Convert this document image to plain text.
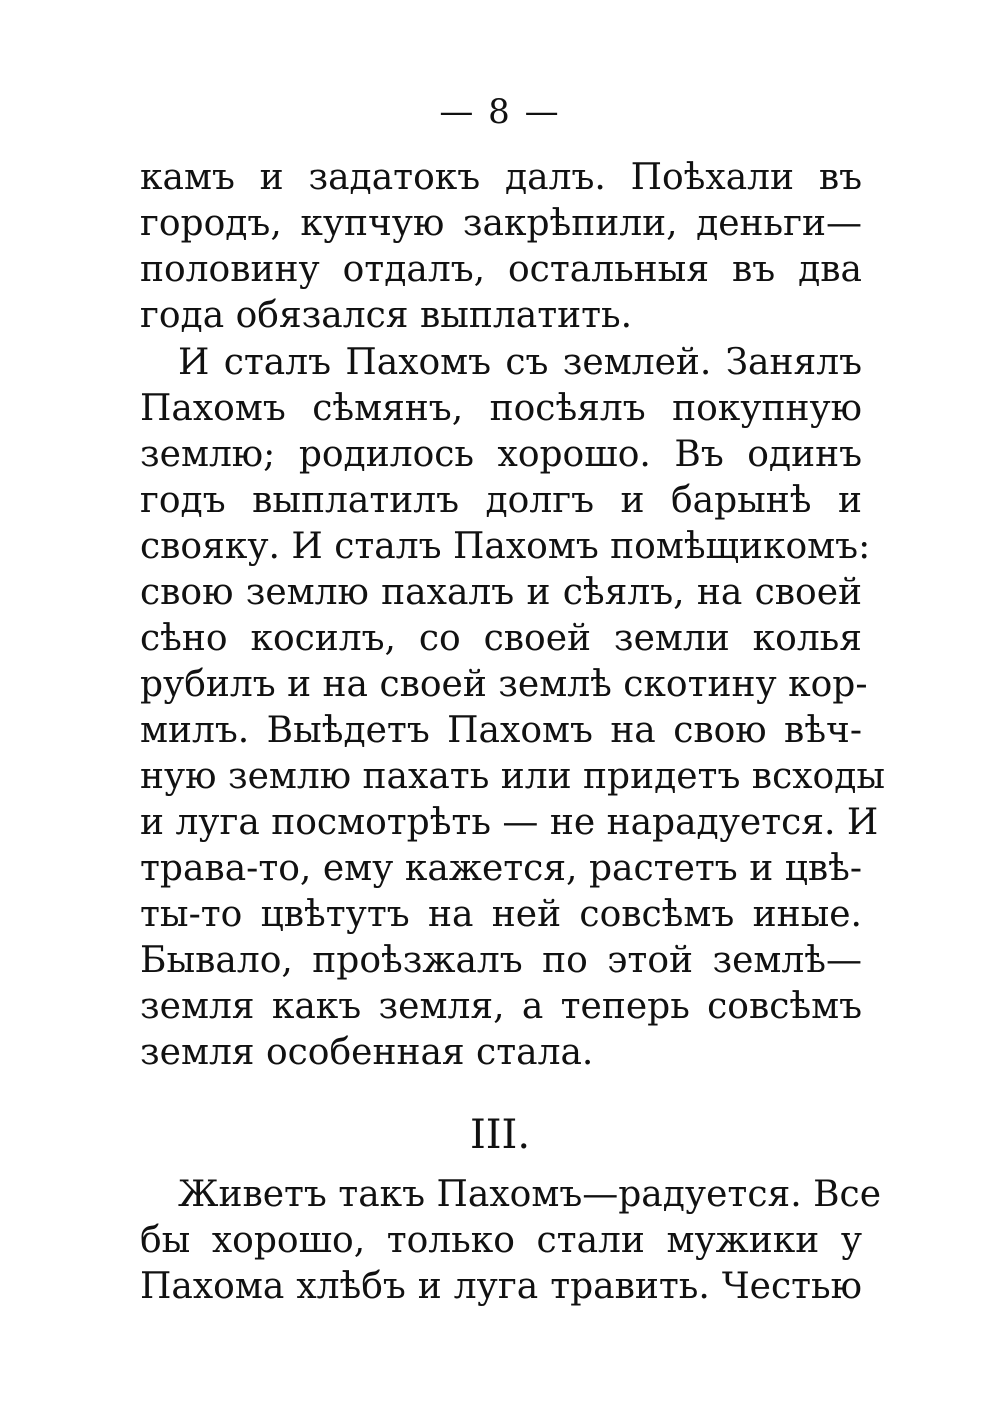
— 8 —
камъ и задатокъ далъ. Поѣхали въ
городъ, купчую закрѣпили, деньги—
половину отдалъ, остальныя въ два
года обязался выплатить.
И сталъ Пахомъ съ землей. Занялъ
Пахомъ сѣмянъ, посѣялъ покупную
землю; родилось хорошо. Въ одинъ
годъ выплатилъ долгъ и барынѣ и
свояку. И сталъ Пахомъ помѣщикомъ:
свою землю пахалъ и сѣялъ, на своей
сѣно косилъ, со своей земли колья
рубилъ и на своей землѣ скотину кор-
милъ. Выѣдетъ Пахомъ на свою вѣч-
ную землю пахать или придетъ всходы
и луга посмотрѣть — не нарадуется. И
трава-то, ему кажется, растетъ и цвѣ-
ты-то цвѣтутъ на ней совсѣмъ иные.
Бывало, проѣзжалъ по этой землѣ—
земля какъ земля, а теперь совсѣмъ
земля особенная стала.
III.
Живетъ такъ Пахомъ—радуется. Все
бы хорошо, только стали мужики у
Пахома хлѣбъ и луга травить. Честью
